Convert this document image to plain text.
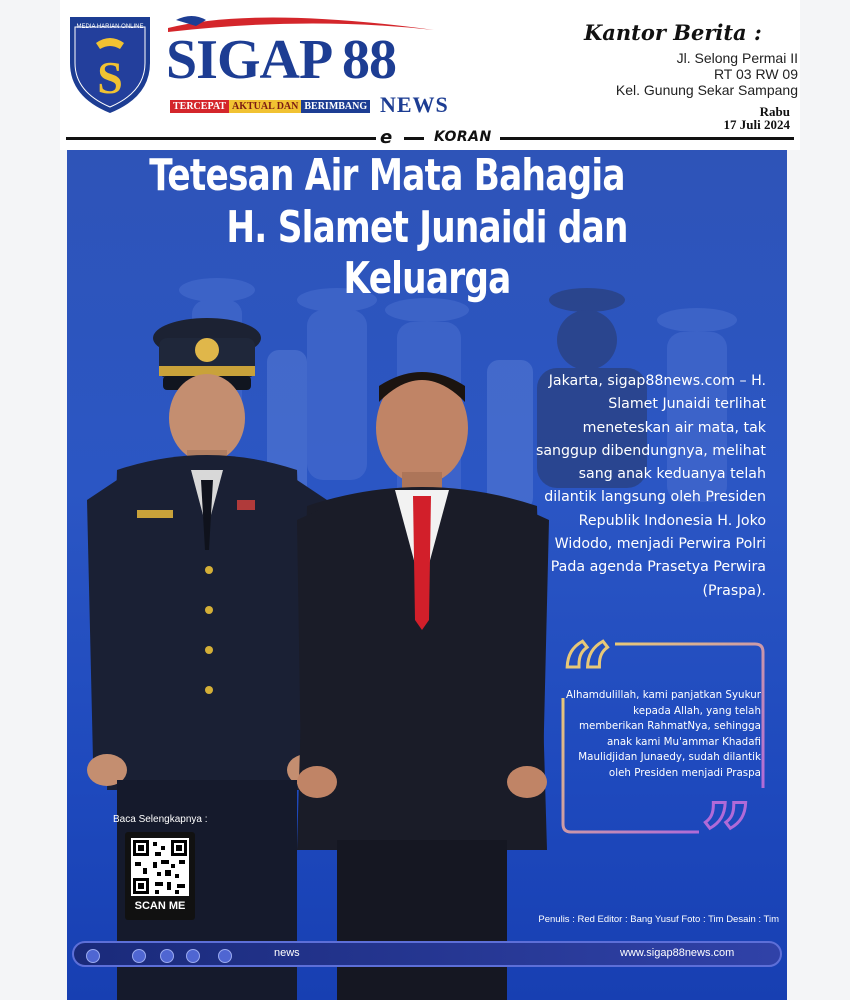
S
MEDIA HARIAN ONLINE
SIGAP 88
NEWS
TERCEPAT AKTUAL DAN BERIMBANG
Kantor Berita :
Jl. Selong Permai II
RT 03 RW 09
Kel. Gunung Sekar Sampang
Rabu
17 Juli 2024
e	KORAN
Tetesan Air Mata Bahagia
H. Slamet Junaidi dan Keluarga
Jakarta, sigap88news.com – H. Slamet Junaidi terlihat meneteskan air mata, tak sanggup dibendungnya, melihat sang anak keduanya telah dilantik langsung oleh Presiden Republik Indonesia H. Joko Widodo, menjadi Perwira Polri Pada agenda Prasetya Perwira (Praspa).
“
”
Alhamdulillah, kami panjatkan Syukur kepada Allah, yang telah memberikan RahmatNya, sehingga anak kami Mu'ammar Khadafi Maulidjidan Junaedy, sudah dilantik oleh Presiden menjadi Praspa
Baca Selengkapnya :
SCAN ME
Penulis : Red Editor : Bang Yusuf Foto : Tim Desain : Tim
news	www.sigap88news.com
